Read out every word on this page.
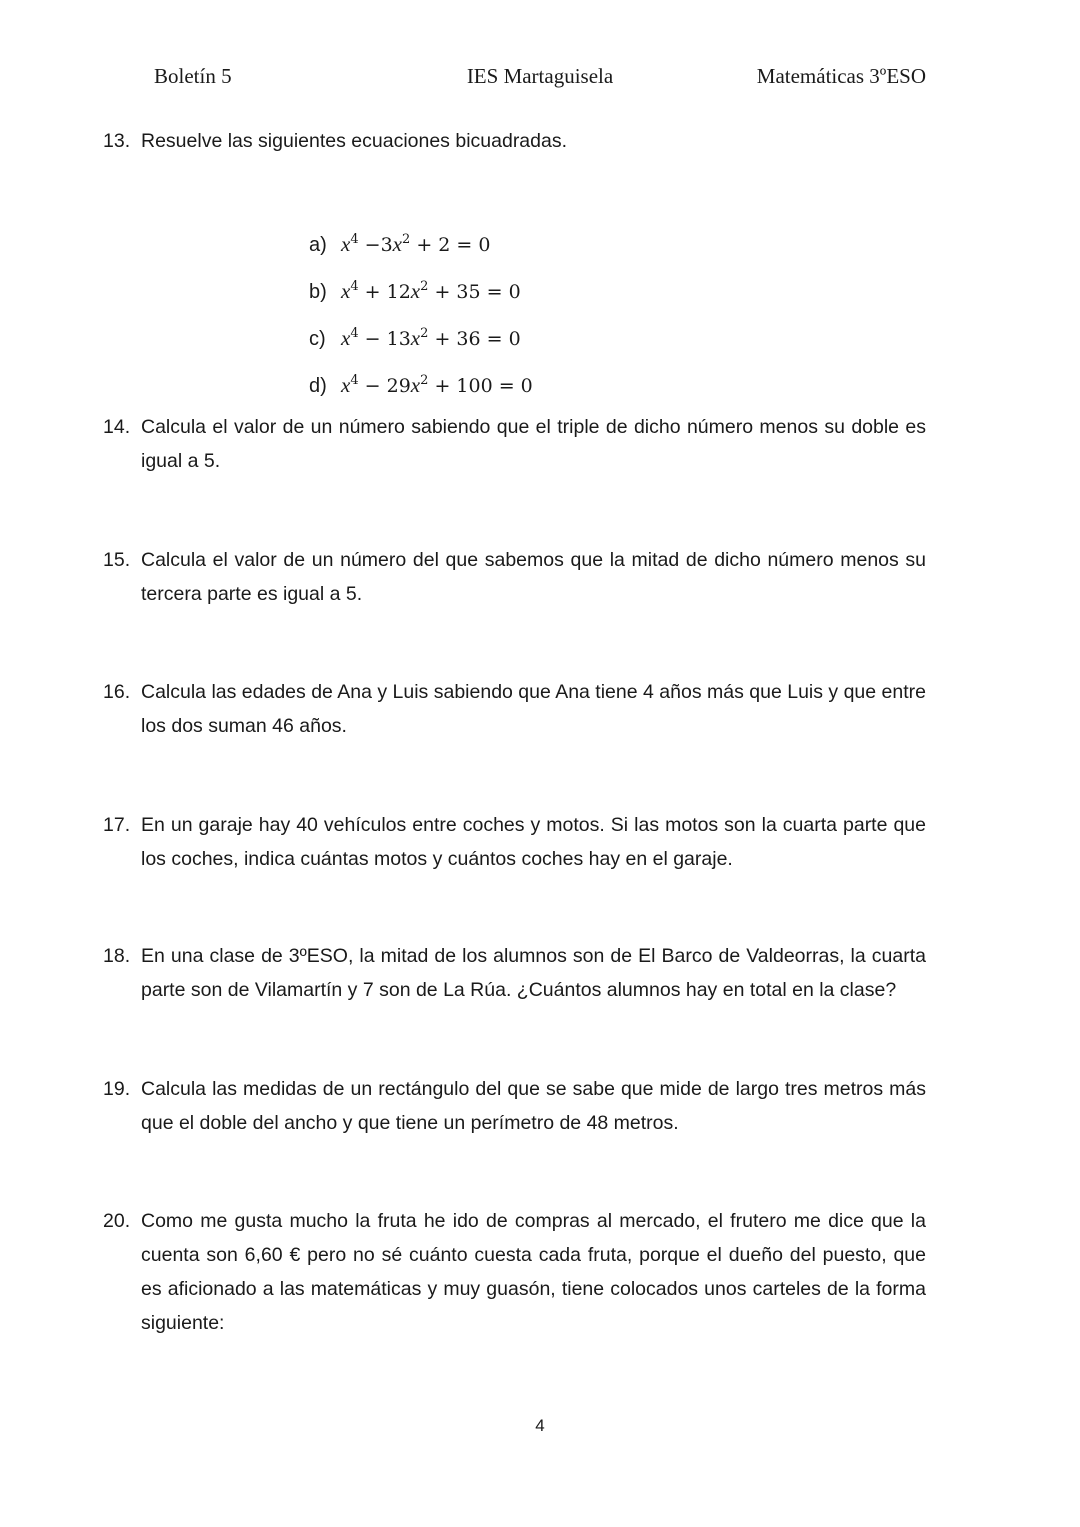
Boletín 5	IES Martaguisela	Matemáticas 3ºESO
13. Resuelve las siguientes ecuaciones bicuadradas.
a) $x^4 -3x^2 + 2 = 0$
b) $x^4 + 12x^2 + 35 = 0$
c) $x^4 - 13x^2 + 36 = 0$
d) $x^4 - 29x^2 + 100 = 0$
14. Calcula el valor de un número sabiendo que el triple de dicho número menos su doble es igual a 5.
15. Calcula el valor de un número del que sabemos que la mitad de dicho número menos su tercera parte es igual a 5.
16. Calcula las edades de Ana y Luis sabiendo que Ana tiene 4 años más que Luis y que entre los dos suman 46 años.
17. En un garaje hay 40 vehículos entre coches y motos. Si las motos son la cuarta parte que los coches, indica cuántas motos y cuántos coches hay en el garaje.
18. En una clase de 3ºESO, la mitad de los alumnos son de El Barco de Valdeorras, la cuarta parte son de Vilamartín y 7 son de La Rúa. ¿Cuántos alumnos hay en total en la clase?
19. Calcula las medidas de un rectángulo del que se sabe que mide de largo tres metros más que el doble del ancho y que tiene un perímetro de 48 metros.
20. Como me gusta mucho la fruta he ido de compras al mercado, el frutero me dice que la cuenta son 6,60 € pero no sé cuánto cuesta cada fruta, porque el dueño del puesto, que es aficionado a las matemáticas y muy guasón, tiene colocados unos carteles de la forma siguiente:
4
